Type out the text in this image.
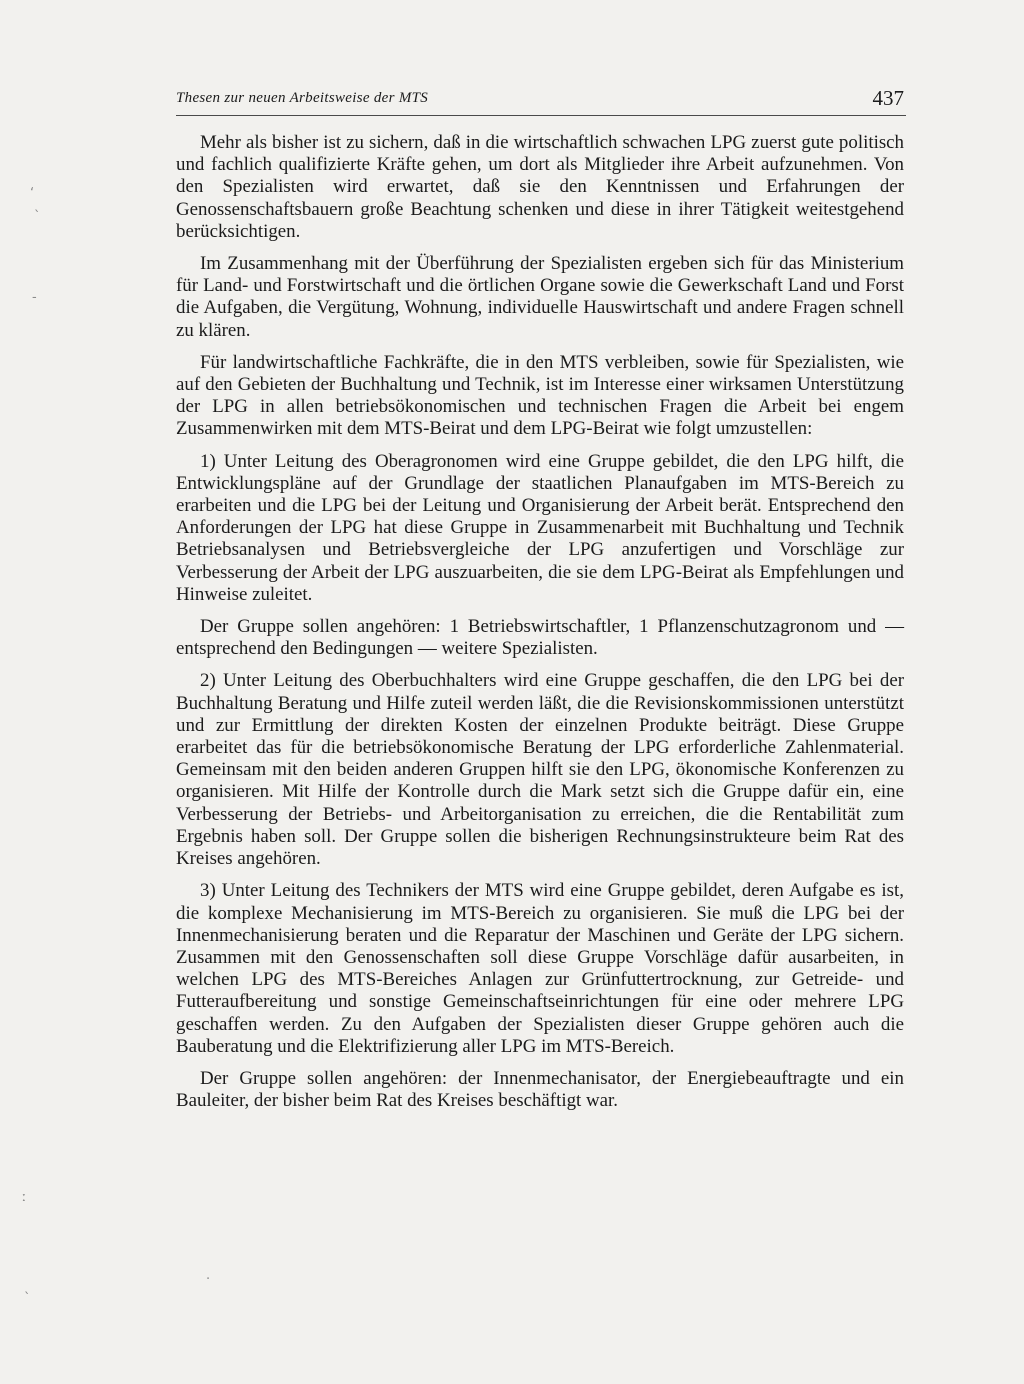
Thesen zur neuen Arbeitsweise der MTS	437

Mehr als bisher ist zu sichern, daß in die wirtschaftlich schwachen LPG zuerst gute politisch und fachlich qualifizierte Kräfte gehen, um dort als Mitglieder ihre Arbeit aufzunehmen. Von den Spezialisten wird erwartet, daß sie den Kenntnissen und Erfahrungen der Genossenschaftsbauern große Beachtung schenken und diese in ihrer Tätigkeit weitestgehend berücksichtigen.

Im Zusammenhang mit der Überführung der Spezialisten ergeben sich für das Ministerium für Land- und Forstwirtschaft und die örtlichen Organe sowie die Gewerkschaft Land und Forst die Aufgaben, die Vergütung, Wohnung, individuelle Hauswirtschaft und andere Fragen schnell zu klären.

Für landwirtschaftliche Fachkräfte, die in den MTS verbleiben, sowie für Spezialisten, wie auf den Gebieten der Buchhaltung und Technik, ist im Interesse einer wirksamen Unterstützung der LPG in allen betriebsökonomischen und technischen Fragen die Arbeit bei engem Zusammenwirken mit dem MTS-Beirat und dem LPG-Beirat wie folgt umzustellen:

1) Unter Leitung des Oberagronomen wird eine Gruppe gebildet, die den LPG hilft, die Entwicklungspläne auf der Grundlage der staatlichen Planaufgaben im MTS-Bereich zu erarbeiten und die LPG bei der Leitung und Organisierung der Arbeit berät. Entsprechend den Anforderungen der LPG hat diese Gruppe in Zusammenarbeit mit Buchhaltung und Technik Betriebsanalysen und Betriebsvergleiche der LPG anzufertigen und Vorschläge zur Verbesserung der Arbeit der LPG auszuarbeiten, die sie dem LPG-Beirat als Empfehlungen und Hinweise zuleitet.

Der Gruppe sollen angehören: 1 Betriebswirtschaftler, 1 Pflanzenschutzagronom und — entsprechend den Bedingungen — weitere Spezialisten.

2) Unter Leitung des Oberbuchhalters wird eine Gruppe geschaffen, die den LPG bei der Buchhaltung Beratung und Hilfe zuteil werden läßt, die die Revisionskommissionen unterstützt und zur Ermittlung der direkten Kosten der einzelnen Produkte beiträgt. Diese Gruppe erarbeitet das für die betriebsökonomische Beratung der LPG erforderliche Zahlenmaterial. Gemeinsam mit den beiden anderen Gruppen hilft sie den LPG, ökonomische Konferenzen zu organisieren. Mit Hilfe der Kontrolle durch die Mark setzt sich die Gruppe dafür ein, eine Verbesserung der Betriebs- und Arbeitorganisation zu erreichen, die die Rentabilität zum Ergebnis haben soll. Der Gruppe sollen die bisherigen Rechnungsinstrukteure beim Rat des Kreises angehören.

3) Unter Leitung des Technikers der MTS wird eine Gruppe gebildet, deren Aufgabe es ist, die komplexe Mechanisierung im MTS-Bereich zu organisieren. Sie muß die LPG bei der Innenmechanisierung beraten und die Reparatur der Maschinen und Geräte der LPG sichern. Zusammen mit den Genossenschaften soll diese Gruppe Vorschläge dafür ausarbeiten, in welchen LPG des MTS-Bereiches Anlagen zur Grünfuttertrocknung, zur Getreide- und Futteraufbereitung und sonstige Gemeinschaftseinrichtungen für eine oder mehrere LPG geschaffen werden. Zu den Aufgaben der Spezialisten dieser Gruppe gehören auch die Bauberatung und die Elektrifizierung aller LPG im MTS-Bereich.

Der Gruppe sollen angehören: der Innenmechanisator, der Energiebeauftragte und ein Bauleiter, der bisher beim Rat des Kreises beschäftigt war.

‘
ˎ
-
ː
ˎ
·
